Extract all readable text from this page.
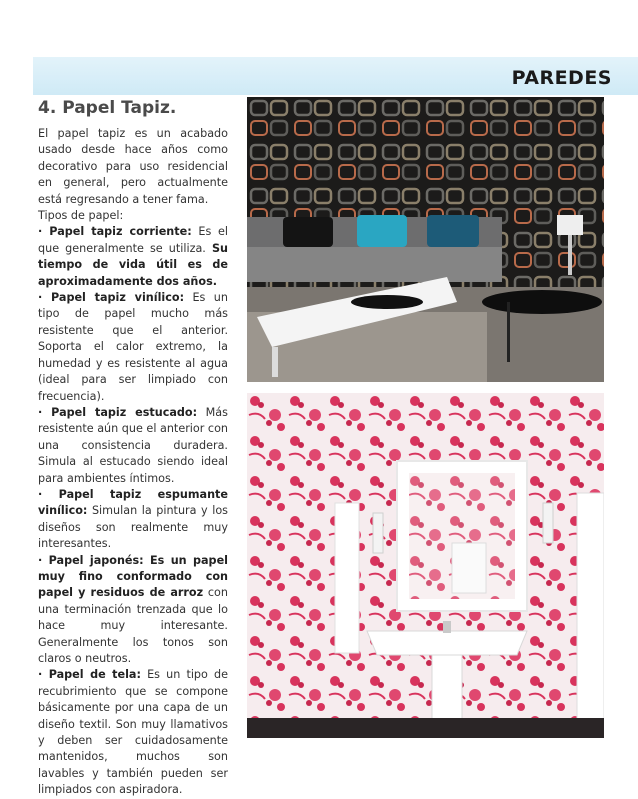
PAREDES
4. Papel Tapiz.

El papel tapiz es un acabado usado desde hace años como decorativo para uso residencial en general, pero actualmente está regresando a tener fama.

Tipos de papel:

· Papel tapiz corriente: Es el que generalmente se utiliza. Su tiempo de vida útil es de aproximadamente dos años.

· Papel tapiz vinílico: Es un tipo de papel mucho más resistente que el anterior. Soporta el calor extremo, la humedad y es resistente al agua (ideal para ser limpiado con frecuencia).

· Papel tapiz estucado: Más resistente aún que el anterior con una consistencia duradera. Simula al estucado siendo ideal para ambientes íntimos.

· Papel tapiz espumante vinílico: Simulan la pintura y los diseños son realmente muy interesantes.

· Papel japonés: Es un papel muy fino conformado con papel y residuos de arroz con una terminación trenzada que lo hace muy interesante. Generalmente los tonos son claros o neutros.

· Papel de tela: Es un tipo de recubrimiento que se compone básicamente por una capa de un diseño textil. Son muy llamativos y deben ser cuidadosamente mantenidos, muchos son lavables y también pueden ser limpiados con aspiradora.
